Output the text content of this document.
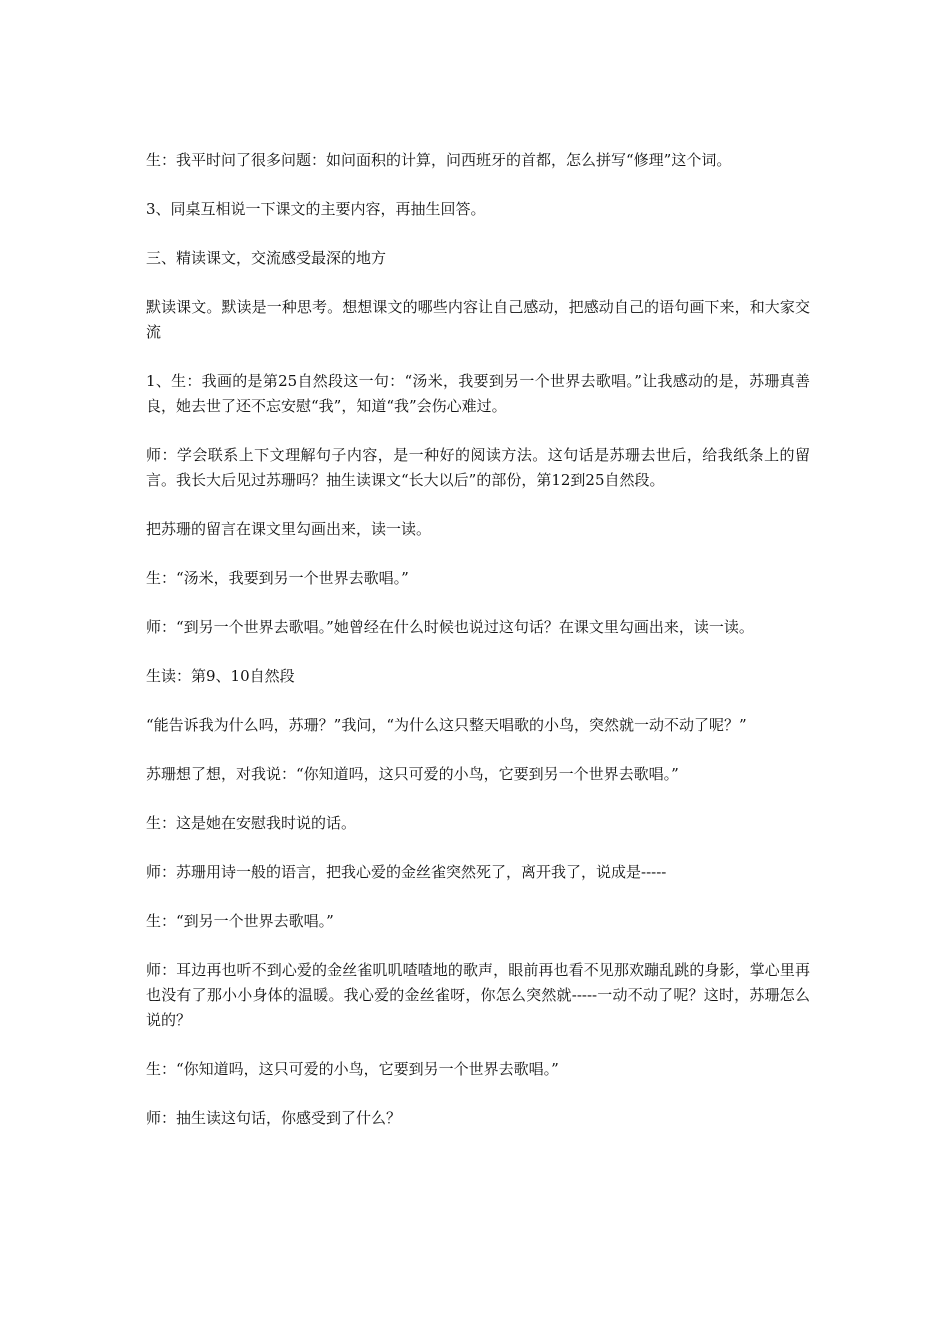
生：我平时问了很多问题：如问面积的计算，问西班牙的首都，怎么拼写“修理”这个词。

3、同桌互相说一下课文的主要内容，再抽生回答。

三、精读课文，交流感受最深的地方

默读课文。默读是一种思考。想想课文的哪些内容让自己感动，把感动自己的语句画下来，和大家交流

1、生：我画的是第25自然段这一句：“汤米，我要到另一个世界去歌唱。”让我感动的是，苏珊真善良，她去世了还不忘安慰“我”，知道“我”会伤心难过。

师：学会联系上下文理解句子内容，是一种好的阅读方法。这句话是苏珊去世后，给我纸条上的留言。我长大后见过苏珊吗？抽生读课文“长大以后”的部份，第12到25自然段。

把苏珊的留言在课文里勾画出来，读一读。

生：“汤米，我要到另一个世界去歌唱。”

师：“到另一个世界去歌唱。”她曾经在什么时候也说过这句话？在课文里勾画出来，读一读。

生读：第9、10自然段

“能告诉我为什么吗，苏珊？”我问，“为什么这只整天唱歌的小鸟，突然就一动不动了呢？”

苏珊想了想，对我说：“你知道吗，这只可爱的小鸟，它要到另一个世界去歌唱。”

生：这是她在安慰我时说的话。

师：苏珊用诗一般的语言，把我心爱的金丝雀突然死了，离开我了，说成是-----

生：“到另一个世界去歌唱。”

师：耳边再也听不到心爱的金丝雀叽叽喳喳地的歌声，眼前再也看不见那欢蹦乱跳的身影，掌心里再也没有了那小小身体的温暖。我心爱的金丝雀呀，你怎么突然就-----一动不动了呢？这时，苏珊怎么说的？

生：“你知道吗，这只可爱的小鸟，它要到另一个世界去歌唱。”

师：抽生读这句话，你感受到了什么？
